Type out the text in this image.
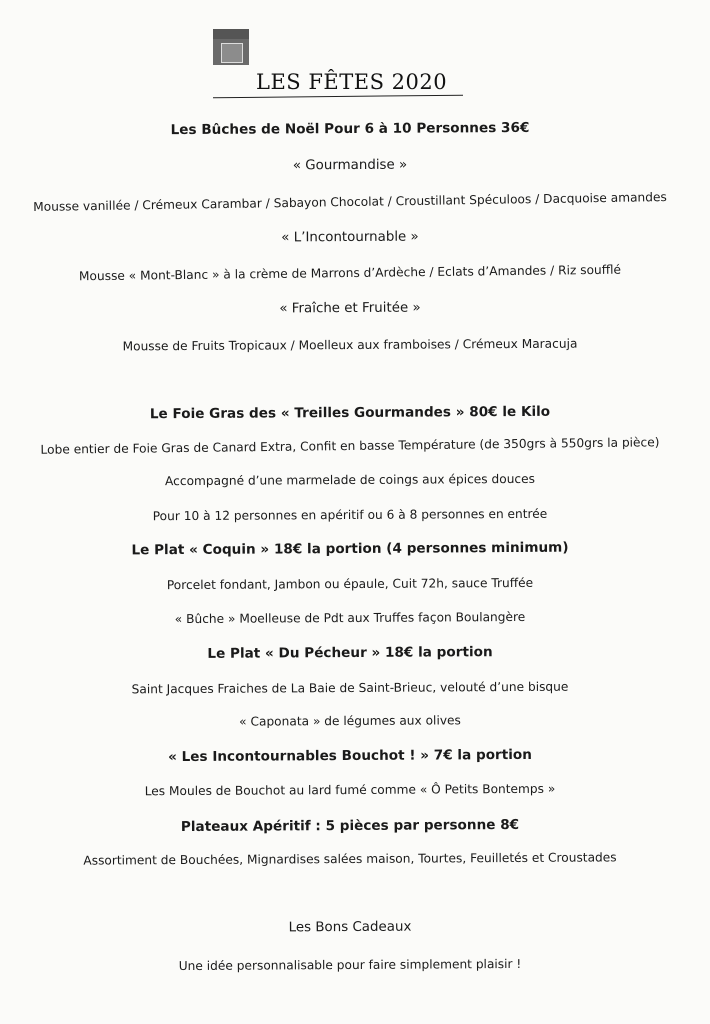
LES FÊTES 2020
Les Bûches de Noël Pour 6 à 10 Personnes 36€
« Gourmandise »
Mousse vanillée / Crémeux Carambar / Sabayon Chocolat / Croustillant Spéculoos / Dacquoise amandes
« L’Incontournable »
Mousse « Mont-Blanc » à la crème de Marrons d’Ardèche / Eclats d’Amandes / Riz soufflé
« Fraîche et Fruitée »
Mousse de Fruits Tropicaux / Moelleux aux framboises / Crémeux Maracuja
Le Foie Gras des « Treilles Gourmandes » 80€ le Kilo
Lobe entier de Foie Gras de Canard Extra, Confit en basse Température (de 350grs à 550grs la pièce)
Accompagné d’une marmelade de coings aux épices douces
Pour 10 à 12 personnes en apéritif ou 6 à 8 personnes en entrée
Le Plat « Coquin » 18€ la portion (4 personnes minimum)
Porcelet fondant, Jambon ou épaule, Cuit 72h, sauce Truffée
« Bûche » Moelleuse de Pdt aux Truffes façon Boulangère
Le Plat « Du Pécheur » 18€ la portion
Saint Jacques Fraiches de La Baie de Saint-Brieuc, velouté d’une bisque
« Caponata » de légumes aux olives
« Les Incontournables Bouchot ! » 7€ la portion
Les Moules de Bouchot au lard fumé comme « Ô Petits Bontemps »
Plateaux Apéritif : 5 pièces par personne 8€
Assortiment de Bouchées, Mignardises salées maison, Tourtes, Feuilletés et Croustades
Les Bons Cadeaux
Une idée personnalisable pour faire simplement plaisir !
